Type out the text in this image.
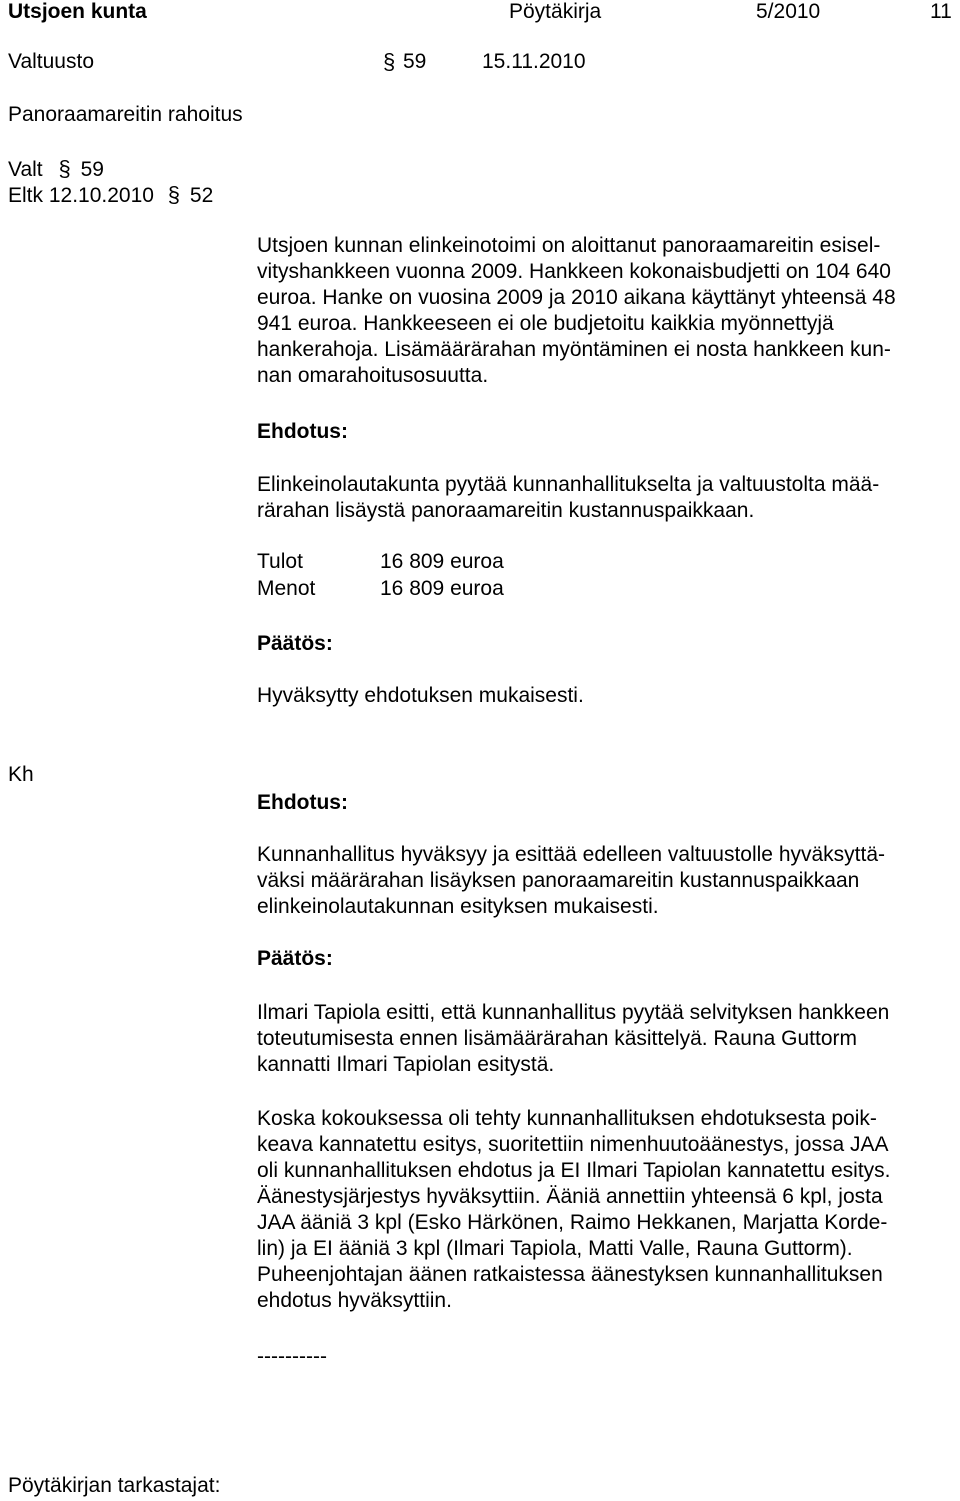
Utsjoen kunta	Pöytäkirja	5/2010	11
Valtuusto	§ 59	15.11.2010
Panoraamareitin rahoitus
Valt § 59
Eltk 12.10.2010 § 52

Utsjoen kunnan elinkeinotoimi on aloittanut panoraamareitin esisel-
vityshankkeen vuonna 2009. Hankkeen kokonaisbudjetti on 104 640
euroa. Hanke on vuosina 2009 ja 2010 aikana käyttänyt yhteensä 48
941 euroa. Hankkeeseen ei ole budjetoitu kaikkia myönnettyjä
hankerahoja. Lisämäärärahan myöntäminen ei nosta hankkeen kun-
nan omarahoitusosuutta.

Ehdotus:

Elinkeinolautakunta pyytää kunnanhallitukselta ja valtuustolta mää-
rärahan lisäystä panoraamareitin kustannuspaikkaan.

Tulot	16 809 euroa
Menot	16 809 euroa
Päätös:
Hyväksytty ehdotuksen mukaisesti.
Kh
Ehdotus:

Kunnanhallitus hyväksyy ja esittää edelleen valtuustolle hyväksyttä-
väksi määrärahan lisäyksen panoraamareitin kustannuspaikkaan
elinkeinolautakunnan esityksen mukaisesti.

Päätös:

Ilmari Tapiola esitti, että kunnanhallitus pyytää selvityksen hankkeen
toteutumisesta ennen lisämäärärahan käsittelyä. Rauna Guttorm
kannatti Ilmari Tapiolan esitystä.

Koska kokouksessa oli tehty kunnanhallituksen ehdotuksesta poik-
keava kannatettu esitys, suoritettiin nimenhuutoäänestys, jossa JAA
oli kunnanhallituksen ehdotus ja EI Ilmari Tapiolan kannatettu esitys.
Äänestysjärjestys hyväksyttiin. Ääniä annettiin yhteensä 6 kpl, josta
JAA ääniä 3 kpl (Esko Härkönen, Raimo Hekkanen, Marjatta Korde-
lin) ja EI ääniä 3 kpl (Ilmari Tapiola, Matti Valle, Rauna Guttorm).
Puheenjohtajan äänen ratkaistessa äänestyksen kunnanhallituksen
ehdotus hyväksyttiin.

----------
Pöytäkirjan tarkastajat:
